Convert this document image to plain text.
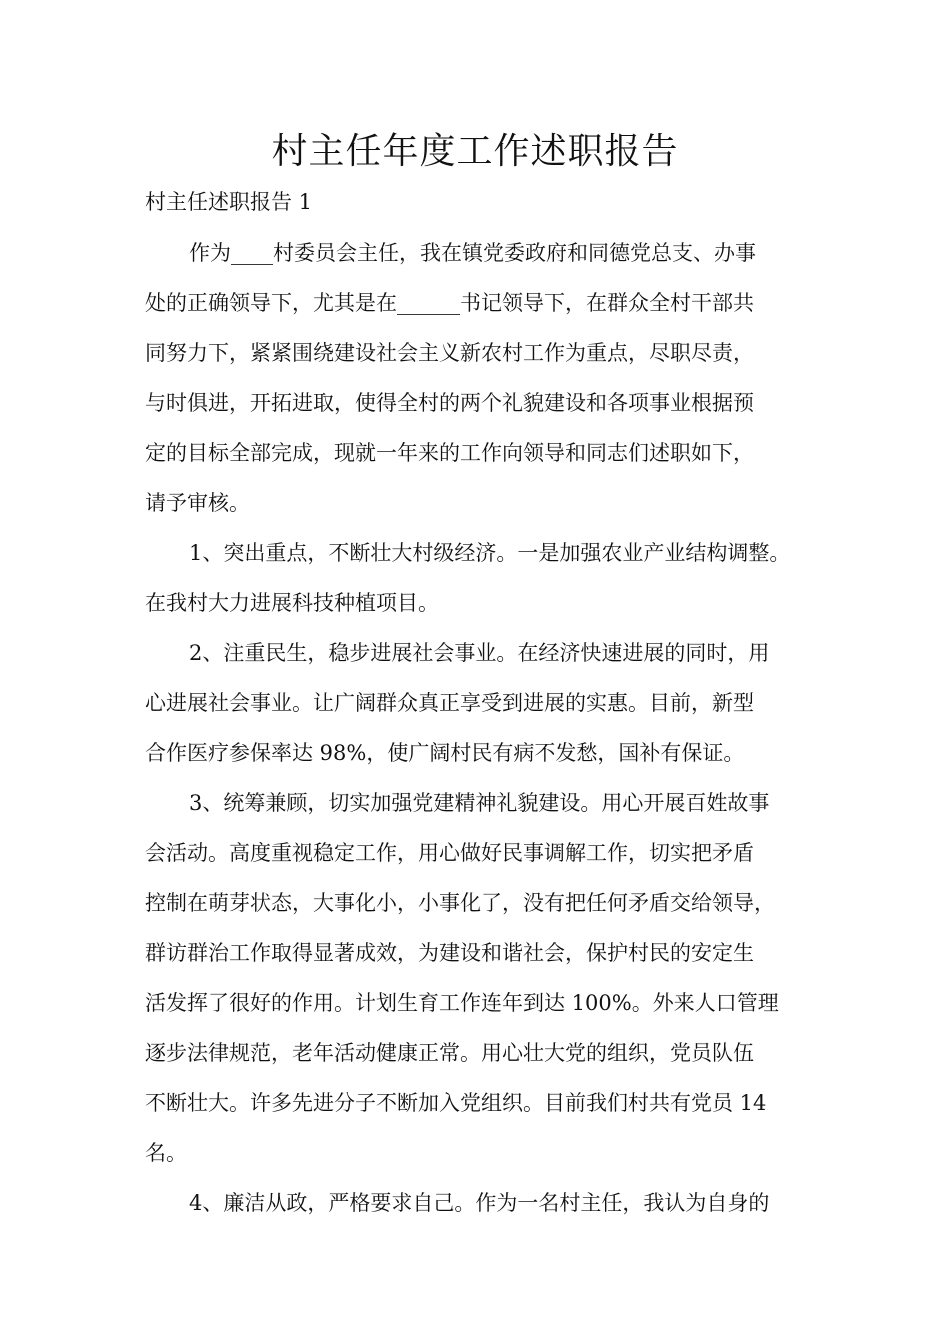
村主任年度工作述职报告
村主任述职报告 1
作为____村委员会主任，我在镇党委政府和同德党总支、办事
处的正确领导下，尤其是在______书记领导下，在群众全村干部共
同努力下，紧紧围绕建设社会主义新农村工作为重点，尽职尽责，
与时俱进，开拓进取，使得全村的两个礼貌建设和各项事业根据预
定的目标全部完成，现就一年来的工作向领导和同志们述职如下，
请予审核。
1、突出重点，不断壮大村级经济。一是加强农业产业结构调整。
在我村大力进展科技种植项目。
2、注重民生，稳步进展社会事业。在经济快速进展的同时，用
心进展社会事业。让广阔群众真正享受到进展的实惠。目前，新型
合作医疗参保率达 98%，使广阔村民有病不发愁，国补有保证。
3、统筹兼顾，切实加强党建精神礼貌建设。用心开展百姓故事
会活动。高度重视稳定工作，用心做好民事调解工作，切实把矛盾
控制在萌芽状态，大事化小，小事化了，没有把任何矛盾交给领导，
群访群治工作取得显著成效，为建设和谐社会，保护村民的安定生
活发挥了很好的作用。计划生育工作连年到达 100%。外来人口管理
逐步法律规范，老年活动健康正常。用心壮大党的组织，党员队伍
不断壮大。许多先进分子不断加入党组织。目前我们村共有党员 14
名。
4、廉洁从政，严格要求自己。作为一名村主任，我认为自身的
